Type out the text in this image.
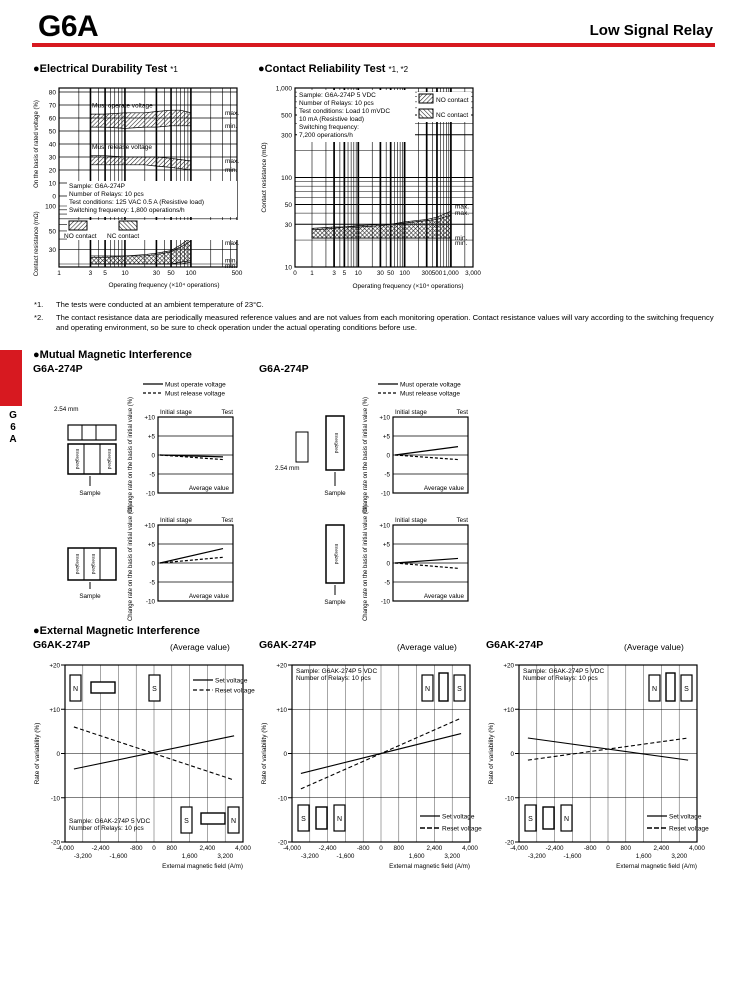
G6A	Low Signal Relay
G
6
A
●Electrical Durability Test *1	●Contact Reliability Test *1, *2
80
70
60
50
40
30
20
10
0
100
50
30
Must operate voltage
Must release voltage
max.
min.
max.
min.
max.
min.
min.
Sample: G6A-274P
Number of Relays: 10 pcs
Test conditions: 125 VAC 0.5 A (Resistive load)
Switching frequency: 1,800 operations/h
NO contact NC contact
1	3 5 10	30 50 100	500
Operating frequency (×10⁴ operations)
On the basis of rated voltage (%)
Contact resistance (mΩ)
1,000
500
300
100
50
30
10
0 1	3 5 10 30 50 100 300 500 1,000 3,000
max.
max.
min.
min.
Sample: G6A-274P 5 VDC
Number of Relays: 10 pcs
Test conditions: Load 10 mVDC
10 mA (Resistive load)
Switching frequency:
7,200 operations/h
NO contact
NC contact
Operating frequency (×10⁴ operations)
Contact resistance (mΩ)
*1. The tests were conducted at an ambient temperature of 23°C.
*2. The contact resistance data are periodically measured reference values and are not values from each monitoring operation. Contact resistance values will vary according to the switching frequency and operating environment, so be sure to check operation under the actual operating conditions before use.
●Mutual Magnetic Interference
G6A-274P	G6A-274P
Must operate voltage
Must release voltage
Must operate voltage
Must release voltage
+10
+5
0
-5
-10
Initial stage	Test
Average value
Change rate on the basis of initial value (%)	+10
+5
0
-5
-10
Initial stage	Test
Average value
Change rate on the basis of initial value (%)
+10
+5
0
-5
-10
Initial stage	Test
Average value
Change rate on the basis of initial value (%)	+10
+5
0
-5
-10
Initial stage	Test
Average value
Change rate on the basis of initial value (%)
2.54 mm
Energized	Energized
Sample
Energized Energized
Sample
Energized
2.54 mm
Sample
Energized
Sample
●External Magnetic Interference
G6AK-274P	G6AK-274P	G6AK-274P
(Average value)	(Average value)	(Average value)
+20
+10
0
-10
-20
-4,000	-2,400	-800 0 800	2,400	4,000
-3,200	-1,600	1,600	3,200
External magnetic field (A/m)
Rate of variability (%)
N	S
S	N
Set voltage
Reset voltage
Sample: G6AK-274P 5 VDC
Number of Relays: 10 pcs
+20
+10
0
-10
-20
-4,000	-2,400	-800 0 800	2,400	4,000
-3,200	-1,600	1,600	3,200
External magnetic field (A/m)
Rate of variability (%)
Sample: G6AK-274P 5 VDC
Number of Relays: 10 pcs
N	S
S	N	Set voltage
Reset voltage
+20
+10
0
-10
-20
-4,000	-2,400	-800 0 800	2,400	4,000
-3,200	-1,600	1,600	3,200
External magnetic field (A/m)
Rate of variability (%)
Sample: G6AK-274P 5 VDC
Number of Relays: 10 pcs
N	S
S	N	Set voltage
Reset voltage
